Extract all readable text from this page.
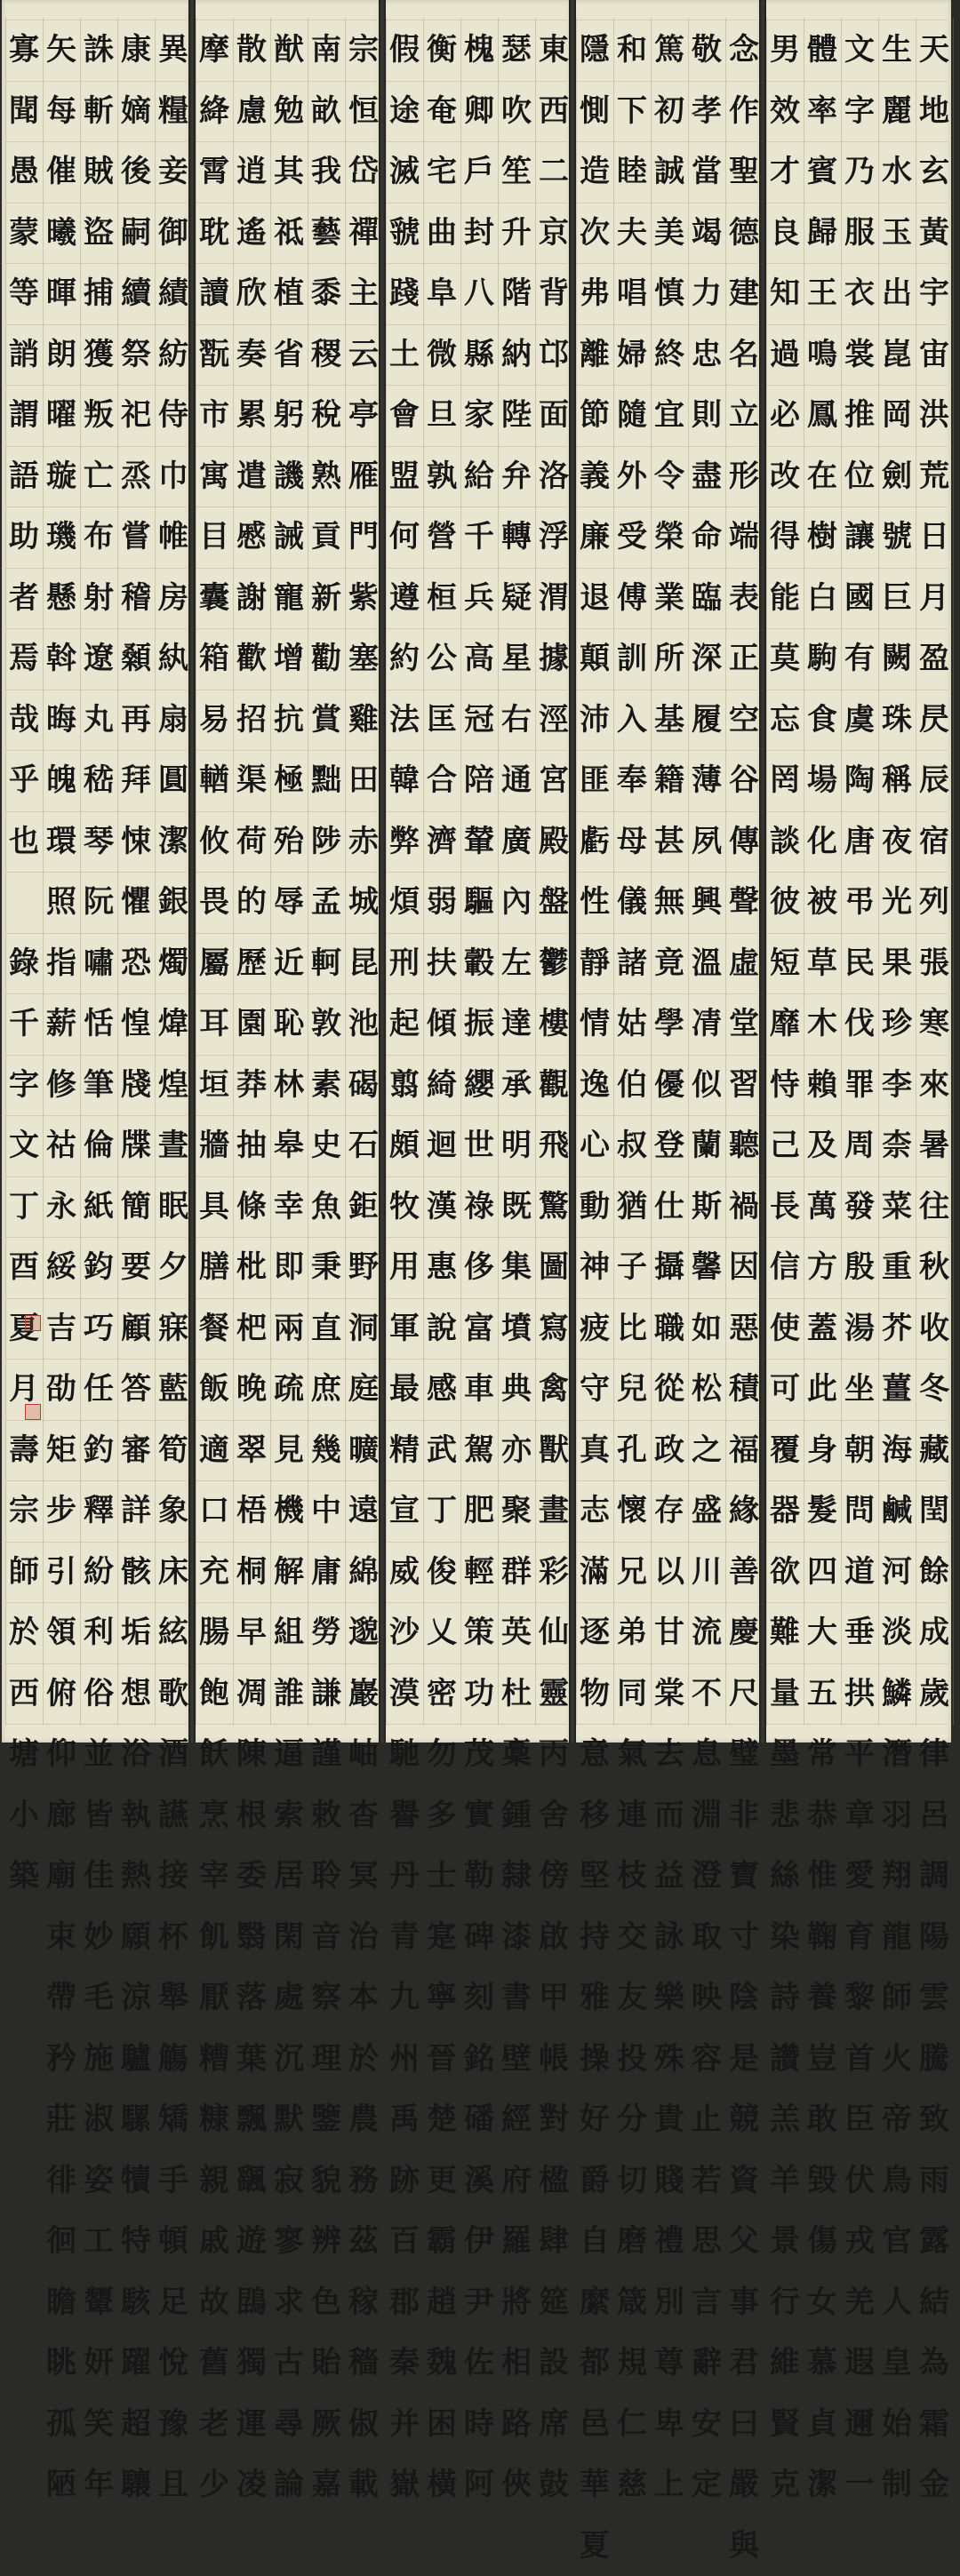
天
地
玄
黃
宇
宙
洪
荒
日
月
盈
昃
辰
宿
列
張
寒
來
暑
往
秋
收
冬
藏
閏
餘
成
歲
律
呂
調
陽
雲
騰
致
雨
露
結
為
霜
金
生
麗
水
玉
出
崑
岡
劍
號
巨
闕
珠
稱
夜
光
果
珍
李
柰
菜
重
芥
薑
海
鹹
河
淡
鱗
潛
羽
翔
龍
師
火
帝
鳥
官
人
皇
始
制
文
字
乃
服
衣
裳
推
位
讓
國
有
虞
陶
唐
弔
民
伐
罪
周
發
殷
湯
坐
朝
問
道
垂
拱
平
章
愛
育
黎
首
臣
伏
戎
羌
遐
邇
一
體
率
賓
歸
王
鳴
鳳
在
樹
白
駒
食
場
化
被
草
木
賴
及
萬
方
蓋
此
身
髮
四
大
五
常
恭
惟
鞠
養
豈
敢
毀
傷
女
慕
貞
潔
男
效
才
良
知
過
必
改
得
能
莫
忘
罔
談
彼
短
靡
恃
己
長
信
使
可
覆
器
欲
難
量
墨
悲
絲
染
詩
讚
羔
羊
景
行
維
賢
克
念
作
聖
德
建
名
立
形
端
表
正
空
谷
傳
聲
虛
堂
習
聽
禍
因
惡
積
福
緣
善
慶
尺
璧
非
寶
寸
陰
是
競
資
父
事
君
曰
嚴
與
敬
孝
當
竭
力
忠
則
盡
命
臨
深
履
薄
夙
興
溫
凊
似
蘭
斯
馨
如
松
之
盛
川
流
不
息
淵
澄
取
映
容
止
若
思
言
辭
安
定
篤
初
誠
美
慎
終
宜
令
榮
業
所
基
籍
甚
無
竟
學
優
登
仕
攝
職
從
政
存
以
甘
棠
去
而
益
詠
樂
殊
貴
賤
禮
別
尊
卑
上
和
下
睦
夫
唱
婦
隨
外
受
傅
訓
入
奉
母
儀
諸
姑
伯
叔
猶
子
比
兒
孔
懷
兄
弟
同
氣
連
枝
交
友
投
分
切
磨
箴
規
仁
慈
隱
惻
造
次
弗
離
節
義
廉
退
顛
沛
匪
虧
性
靜
情
逸
心
動
神
疲
守
真
志
滿
逐
物
意
移
堅
持
雅
操
好
爵
自
縻
都
邑
華
夏
東
西
二
京
背
邙
面
洛
浮
渭
據
涇
宮
殿
盤
鬱
樓
觀
飛
驚
圖
寫
禽
獸
畫
彩
仙
靈
丙
舍
傍
啟
甲
帳
對
楹
肆
筵
設
席
鼓
瑟
吹
笙
升
階
納
陛
弁
轉
疑
星
右
通
廣
內
左
達
承
明
既
集
墳
典
亦
聚
群
英
杜
稾
鍾
隸
漆
書
壁
經
府
羅
將
相
路
俠
槐
卿
戶
封
八
縣
家
給
千
兵
高
冠
陪
輦
驅
轂
振
纓
世
祿
侈
富
車
駕
肥
輕
策
功
茂
實
勒
碑
刻
銘
磻
溪
伊
尹
佐
時
阿
衡
奄
宅
曲
阜
微
旦
孰
營
桓
公
匡
合
濟
弱
扶
傾
綺
迴
漢
惠
說
感
武
丁
俊
乂
密
勿
多
士
寔
寧
晉
楚
更
霸
趙
魏
困
橫
假
途
滅
虢
踐
土
會
盟
何
遵
約
法
韓
弊
煩
刑
起
翦
頗
牧
用
軍
最
精
宣
威
沙
漠
馳
譽
丹
青
九
州
禹
跡
百
郡
秦
并
嶽
宗
恒
岱
禪
主
云
亭
雁
門
紫
塞
雞
田
赤
城
昆
池
碣
石
鉅
野
洞
庭
曠
遠
綿
邈
巖
岫
杳
冥
治
本
於
農
務
茲
稼
穡
俶
載
南
畝
我
藝
黍
稷
稅
熟
貢
新
勸
賞
黜
陟
孟
軻
敦
素
史
魚
秉
直
庶
幾
中
庸
勞
謙
謹
敕
聆
音
察
理
鑒
貌
辨
色
貽
厥
嘉
猷
勉
其
祗
植
省
躬
譏
誡
寵
增
抗
極
殆
辱
近
恥
林
皋
幸
即
兩
疏
見
機
解
組
誰
逼
索
居
閑
處
沉
默
寂
寥
求
古
尋
論
散
慮
逍
遙
欣
奏
累
遣
慼
謝
歡
招
渠
荷
的
歷
園
莽
抽
條
枇
杷
晚
翠
梧
桐
早
凋
陳
根
委
翳
落
葉
飄
颻
遊
鵾
獨
運
凌
摩
絳
霄
耽
讀
翫
市
寓
目
囊
箱
易
輶
攸
畏
屬
耳
垣
牆
具
膳
餐
飯
適
口
充
腸
飽
飫
烹
宰
飢
厭
糟
糠
親
戚
故
舊
老
少
異
糧
妾
御
績
紡
侍
巾
帷
房
紈
扇
圓
潔
銀
燭
煒
煌
晝
眠
夕
寐
藍
筍
象
床
絃
歌
酒
讌
接
杯
舉
觴
矯
手
頓
足
悅
豫
且
康
嫡
後
嗣
續
祭
祀
烝
嘗
稽
顙
再
拜
悚
懼
恐
惶
牋
牒
簡
要
顧
答
審
詳
骸
垢
想
浴
執
熱
願
涼
驢
騾
犢
特
駭
躍
超
驤
誅
斬
賊
盜
捕
獲
叛
亡
布
射
遼
丸
嵇
琴
阮
嘯
恬
筆
倫
紙
鈞
巧
任
釣
釋
紛
利
俗
並
皆
佳
妙
毛
施
淑
姿
工
顰
妍
笑
年
矢
每
催
曦
暉
朗
曜
璇
璣
懸
斡
晦
魄
環
照
指
薪
修
祜
永
綏
吉
劭
矩
步
引
領
俯
仰
廊
廟
束
帶
矜
莊
徘
徊
瞻
眺
孤
陋
寡
聞
愚
蒙
等
誚
謂
語
助
者
焉
哉
乎
也

錄
千
字
文
丁
酉
夏
月
壽
宗
師
於
西
塘
小
築
